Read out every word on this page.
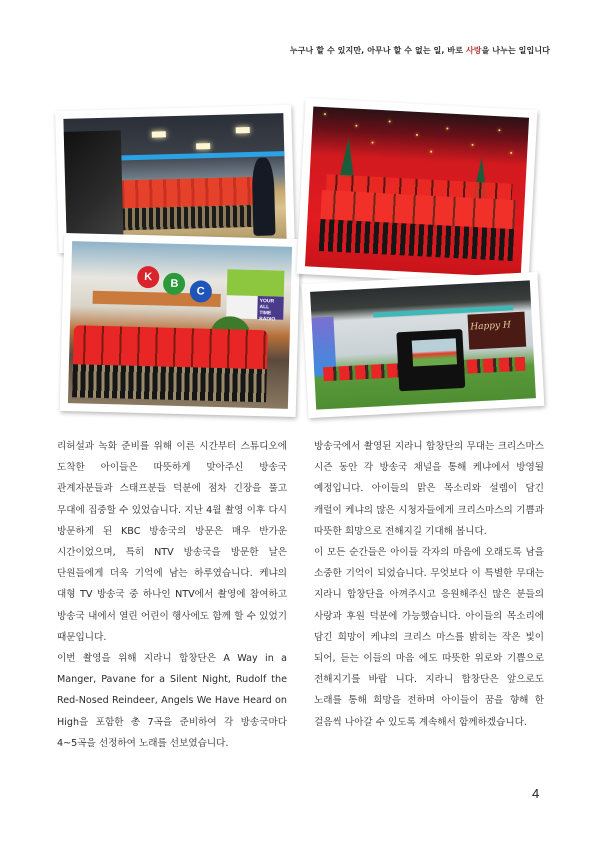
누구나 할 수 있지만, 아무나 할 수 없는 일, 바로 사랑을 나누는 일입니다
K
B
C
YOUR ALL TIME RADIO
Happy H

리허설과 녹화 준비를 위해 이른 시간부터 스튜디오에 도착한 아이들은 따뜻하게 맞아주신 방송국 관계자분들과 스태프분들 덕분에 점차 긴장을 풀고 무대에 집중할 수 있었습니다. 지난 4월 촬영 이후 다시 방문하게 된 KBC 방송국의 방문은 매우 반가운 시간이었으며, 특히 NTV 방송국을 방문한 날은 단원들에게 더욱 기억에 남는 하루였습니다. 케냐의 대형 TV 방송국 중 하나인 NTV에서 촬영에 참여하고 방송국 내에서 열린 어린이 행사에도 함께 할 수 있었기 때문입니다.

이번 촬영을 위해 지라니 합창단은 A Way in a Manger, Pavane for a Silent Night, Rudolf the Red-Nosed Reindeer, Angels We Have Heard on High을 포함한 총 7곡을 준비하여 각 방송국마다 4~5곡을 선정하여 노래를 선보였습니다.

방송국에서 촬영된 지라니 합창단의 무대는 크리스마스 시즌 동안 각 방송국 채널을 통해 케냐에서 방영될 예정입니다. 아이들의 맑은 목소리와 설렘이 담긴 캐럴이 케냐의 많은 시청자들에게 크리스마스의 기쁨과 따뜻한 희망으로 전해지길 기대해 봅니다.

이 모든 순간들은 아이들 각자의 마음에 오래도록 남을 소중한 기억이 되었습니다. 무엇보다 이 특별한 무대는 지라니 합창단을 아껴주시고 응원해주신 많은 분들의 사랑과 후원 덕분에 가능했습니다. 아이들의 목소리에 담긴 희망이 케냐의 크리스 마스를 밝히는 작은 빛이 되어, 듣는 이들의 마음 에도 따뜻한 위로와 기쁨으로 전해지기를 바랍 니다. 지라니 합창단은 앞으로도 노래를 통해 희망을 전하며 아이들이 꿈을 향해 한 걸음씩 나아갈 수 있도록 계속해서 함께하겠습니다.

4
